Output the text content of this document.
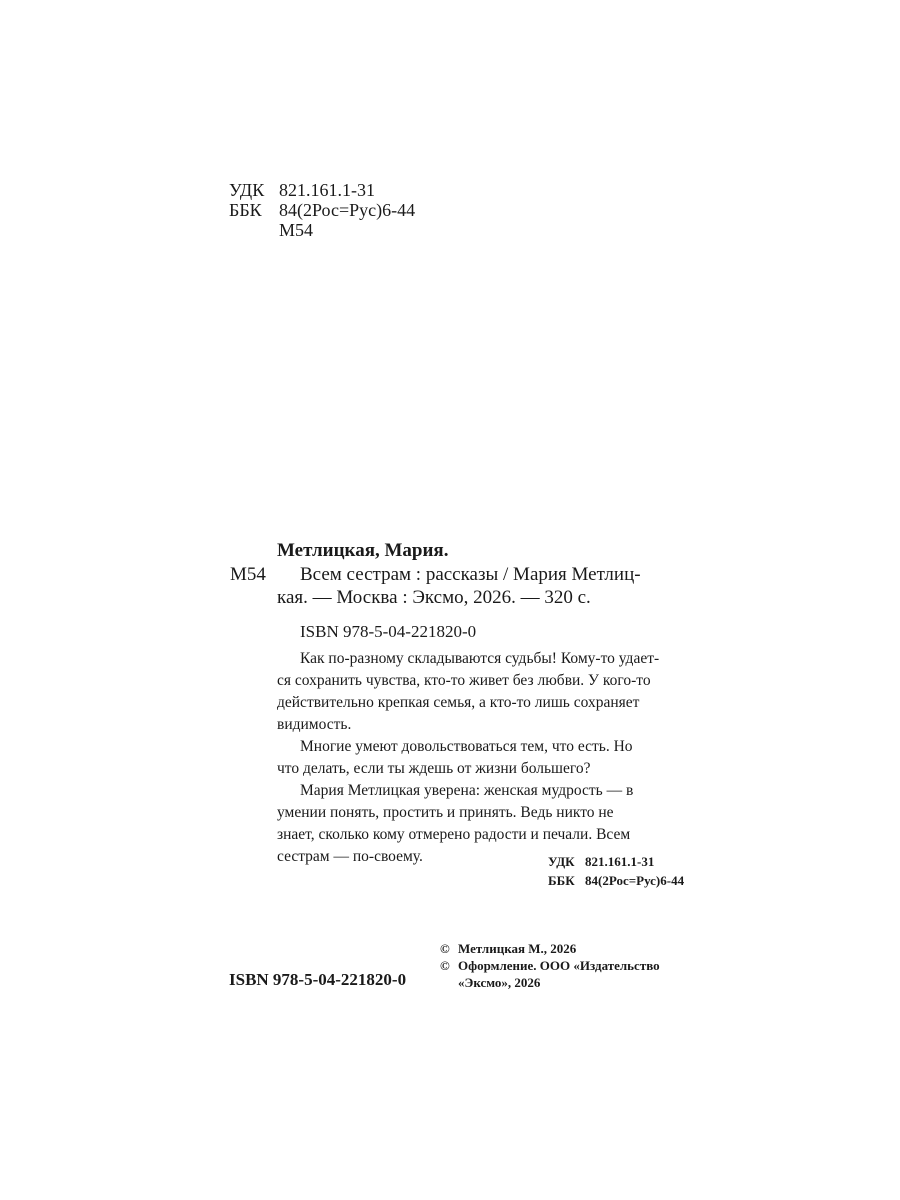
УДК 821.161.1-31
ББК 84(2Рос=Рус)6-44
М54
Метлицкая, Мария.
М54 Всем сестрам : рассказы / Мария Метлиц-
кая. — Москва : Эксмо, 2026. — 320 с.
ISBN 978-5-04-221820-0
Как по-разному складываются судьбы! Кому-то удает-
ся сохранить чувства, кто-то живет без любви. У кого-то
действительно крепкая семья, а кто-то лишь сохраняет
видимость.
Многие умеют довольствоваться тем, что есть. Но
что делать, если ты ждешь от жизни большего?
Мария Метлицкая уверена: женская мудрость — в
умении понять, простить и принять. Ведь никто не
знает, сколько кому отмерено радости и печали. Всем
сестрам — по-своему.	УДК 821.161.1-31
ББК 84(2Рос=Рус)6-44
© Метлицкая М., 2026
© Оформление. ООО «Издательство
«Эксмо», 2026
ISBN 978-5-04-221820-0
